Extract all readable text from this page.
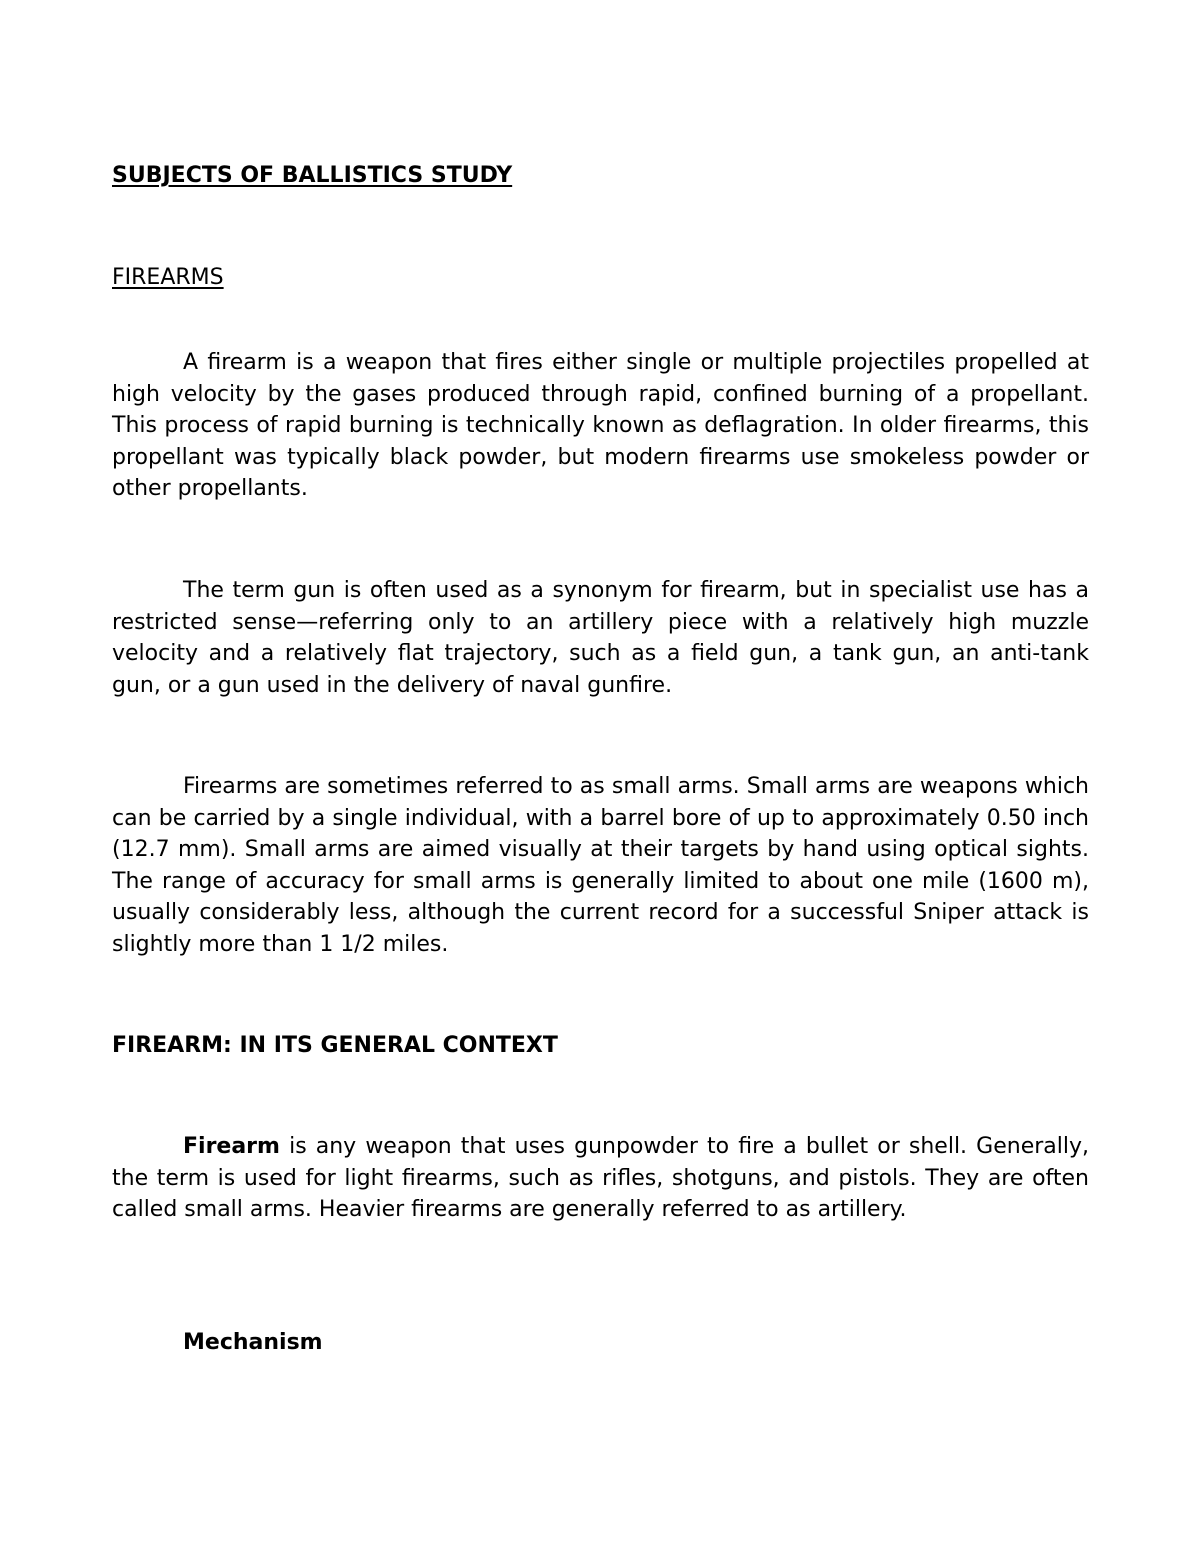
SUBJECTS OF BALLISTICS STUDY

FIREARMS

A firearm is a weapon that fires either single or multiple projectiles propelled at high velocity by the gases produced through rapid, confined burning of a propellant. This process of rapid burning is technically known as deflagration. In older firearms, this propellant was typically black powder, but modern firearms use smokeless powder or other propellants.

The term gun is often used as a synonym for firearm, but in specialist use has a restricted sense—referring only to an artillery piece with a relatively high muzzle velocity and a relatively flat trajectory, such as a field gun, a tank gun, an anti-tank gun, or a gun used in the delivery of naval gunfire.

Firearms are sometimes referred to as small arms. Small arms are weapons which can be carried by a single individual, with a barrel bore of up to approximately 0.50 inch (12.7 mm). Small arms are aimed visually at their targets by hand using optical sights. The range of accuracy for small arms is generally limited to about one mile (1600 m), usually considerably less, although the current record for a successful Sniper attack is slightly more than 1 1/2 miles.

FIREARM: IN ITS GENERAL CONTEXT

Firearm is any weapon that uses gunpowder to fire a bullet or shell. Generally, the term is used for light firearms, such as rifles, shotguns, and pistols. They are often called small arms. Heavier firearms are generally referred to as artillery.

Mechanism
